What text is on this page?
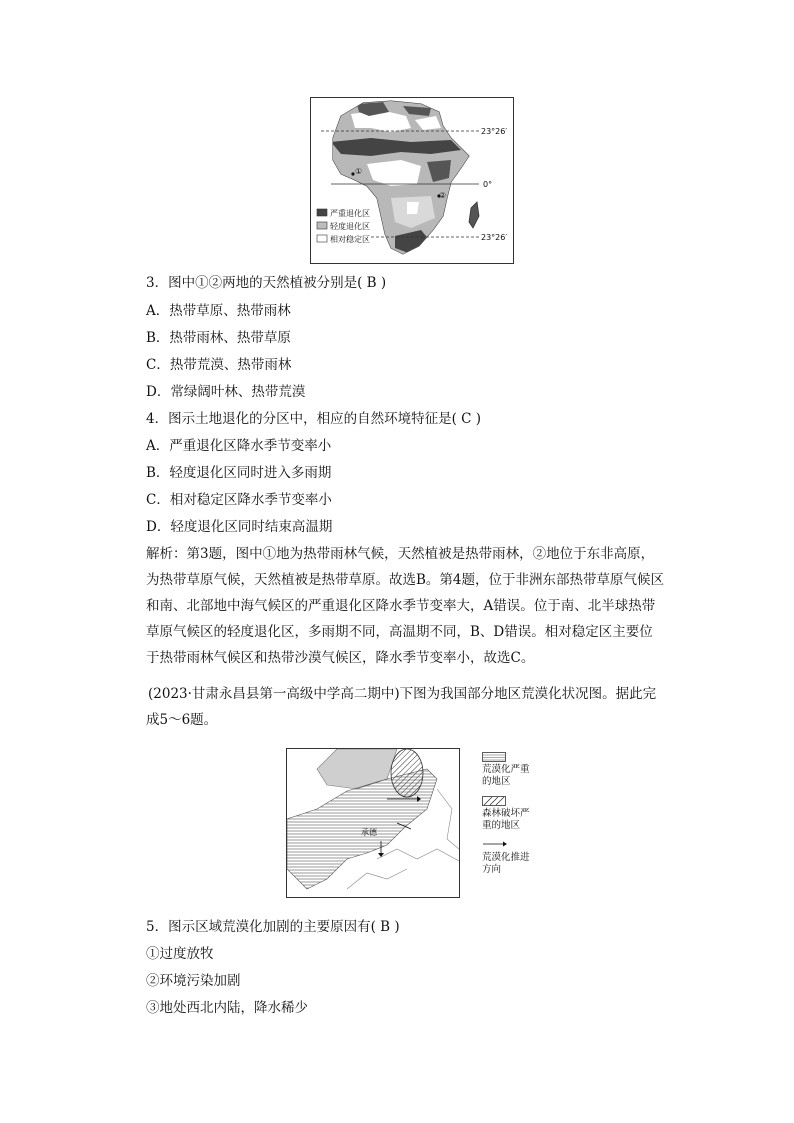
23°26′
0°
23°26′
①
②
严重退化区
轻度退化区
相对稳定区
3．图中①②两地的天然植被分别是( B )
A．热带草原、热带雨林
B．热带雨林、热带草原
C．热带荒漠、热带雨林
D．常绿阔叶林、热带荒漠
4．图示土地退化的分区中，相应的自然环境特征是( C )
A．严重退化区降水季节变率小
B．轻度退化区同时进入多雨期
C．相对稳定区降水季节变率小
D．轻度退化区同时结束高温期
解析：第3题，图中①地为热带雨林气候，天然植被是热带雨林，②地位于东非高原，为热带草原气候，天然植被是热带草原。故选B。第4题，位于非洲东部热带草原气候区和南、北部地中海气候区的严重退化区降水季节变率大，A错误。位于南、北半球热带草原气候区的轻度退化区，多雨期不同，高温期不同，B、D错误。相对稳定区主要位于热带雨林气候区和热带沙漠气候区，降水季节变率小，故选C。
(2023·甘肃永昌县第一高级中学高二期中)下图为我国部分地区荒漠化状况图。据此完成5～6题。
承德
荒漠化严重的地区
森林破坏严重的地区
荒漠化推进方向
5．图示区域荒漠化加剧的主要原因有( B )
①过度放牧
②环境污染加剧
③地处西北内陆，降水稀少
